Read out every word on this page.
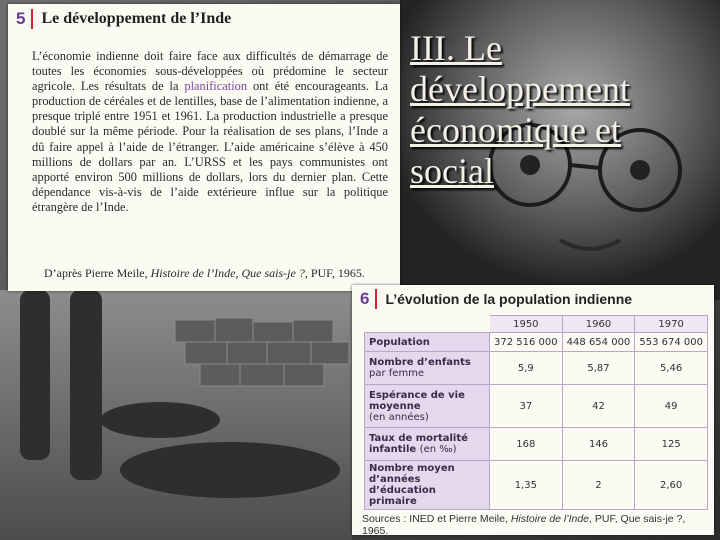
III. Le développement économique et social
5	Le développement de l’Inde

L’économie indienne doit faire face aux difficultés de démarrage de toutes les économies sous-développées où prédomine le secteur agricole. Les résultats de la planification ont été encourageants. La production de céréales et de lentilles, base de l’alimentation indienne, a presque triplé entre 1951 et 1961. La production industrielle a presque doublé sur la même période. Pour la réalisation de ses plans, l’Inde a dû faire appel à l’aide de l’étranger. L’aide américaine s’élève à 450 millions de dollars par an. L’URSS et les pays communistes ont apporté environ 500 millions de dollars, lors du dernier plan. Cette dépendance vis-à-vis de l’aide extérieure influe sur la politique étrangère de l’Inde.

D’après Pierre Meile, Histoire de l’Inde, Que sais-je ?, PUF, 1965.

6	L’évolution de la population indienne
	1950	1960	1970
Population	372 516 000	448 654 000	553 674 000
Nombre d’enfants
par femme	5,9	5,87	5,46
Espérance de vie moyenne
(en années)	37	42	49
Taux de mortalité infantile (en ‰)	168	146	125
Nombre moyen d’années d’éducation primaire	1,35	2	2,60

Sources : INED et Pierre Meile, Histoire de l’Inde, PUF, Que sais-je ?, 1965.
